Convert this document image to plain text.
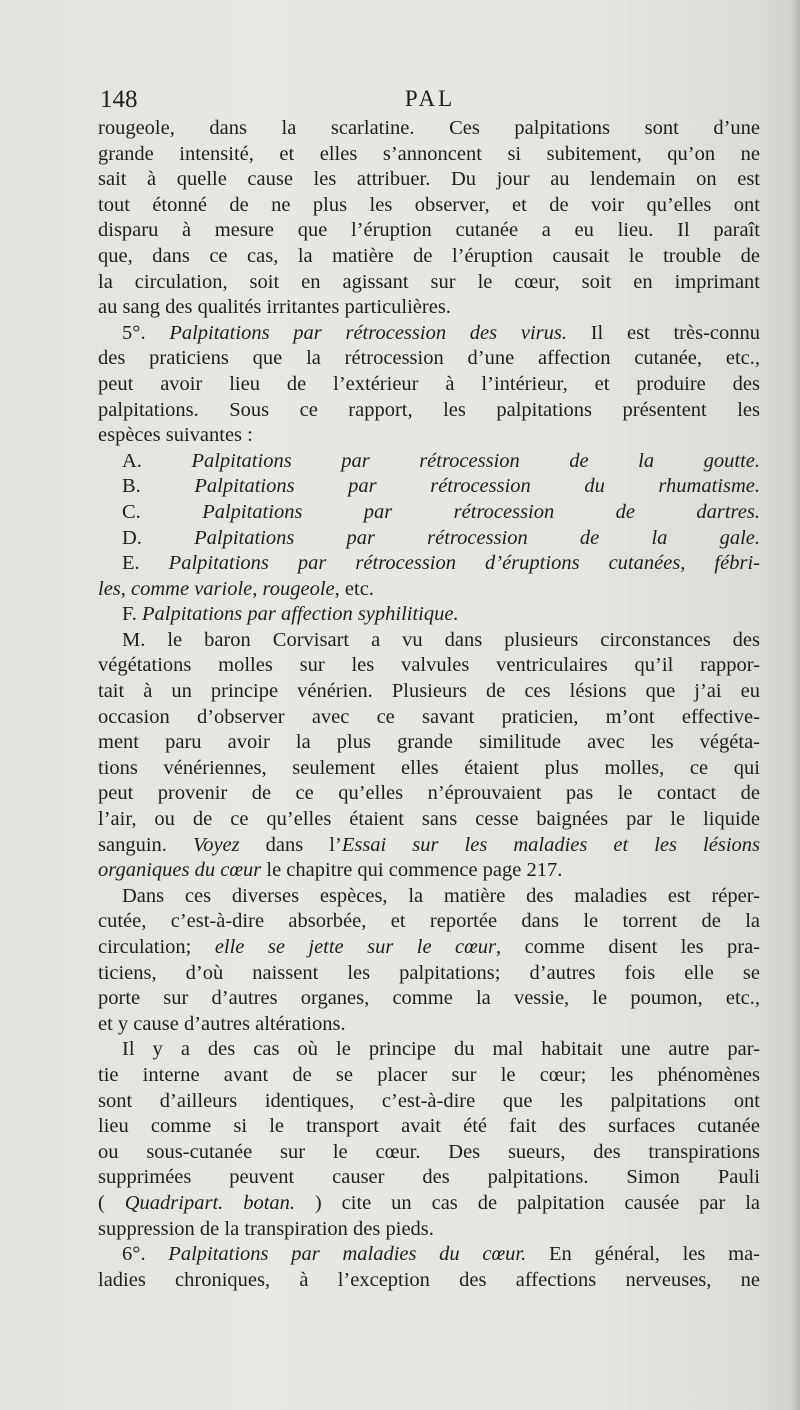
148	PAL
rougeole, dans la scarlatine. Ces palpitations sont d’une
grande intensité, et elles s’annoncent si subitement, qu’on ne
sait à quelle cause les attribuer. Du jour au lendemain on est
tout étonné de ne plus les observer, et de voir qu’elles ont
disparu à mesure que l’éruption cutanée a eu lieu. Il paraît
que, dans ce cas, la matière de l’éruption causait le trouble de
la circulation, soit en agissant sur le cœur, soit en imprimant
au sang des qualités irritantes particulières.
5°. Palpitations par rétrocession des virus. Il est très-connu
des praticiens que la rétrocession d’une affection cutanée, etc.,
peut avoir lieu de l’extérieur à l’intérieur, et produire des
palpitations. Sous ce rapport, les palpitations présentent les
espèces suivantes :
A. Palpitations par rétrocession de la goutte.
B. Palpitations par rétrocession du rhumatisme.
C. Palpitations par rétrocession de dartres.
D. Palpitations par rétrocession de la gale.
E. Palpitations par rétrocession d’éruptions cutanées, fébri-
les, comme variole, rougeole, etc.
F. Palpitations par affection syphilitique.
M. le baron Corvisart a vu dans plusieurs circonstances des
végétations molles sur les valvules ventriculaires qu’il rappor-
tait à un principe vénérien. Plusieurs de ces lésions que j’ai eu
occasion d’observer avec ce savant praticien, m’ont effective-
ment paru avoir la plus grande similitude avec les végéta-
tions vénériennes, seulement elles étaient plus molles, ce qui
peut provenir de ce qu’elles n’éprouvaient pas le contact de
l’air, ou de ce qu’elles étaient sans cesse baignées par le liquide
sanguin. Voyez dans l’Essai sur les maladies et les lésions
organiques du cœur le chapitre qui commence page 217.
Dans ces diverses espèces, la matière des maladies est réper-
cutée, c’est-à-dire absorbée, et reportée dans le torrent de la
circulation; elle se jette sur le cœur, comme disent les pra-
ticiens, d’où naissent les palpitations; d’autres fois elle se
porte sur d’autres organes, comme la vessie, le poumon, etc.,
et y cause d’autres altérations.
Il y a des cas où le principe du mal habitait une autre par-
tie interne avant de se placer sur le cœur; les phénomènes
sont d’ailleurs identiques, c’est-à-dire que les palpitations ont
lieu comme si le transport avait été fait des surfaces cutanée
ou sous-cutanée sur le cœur. Des sueurs, des transpirations
supprimées peuvent causer des palpitations. Simon Pauli
( Quadripart. botan. ) cite un cas de palpitation causée par la
suppression de la transpiration des pieds.
6°. Palpitations par maladies du cœur. En général, les ma-
ladies chroniques, à l’exception des affections nerveuses, ne
